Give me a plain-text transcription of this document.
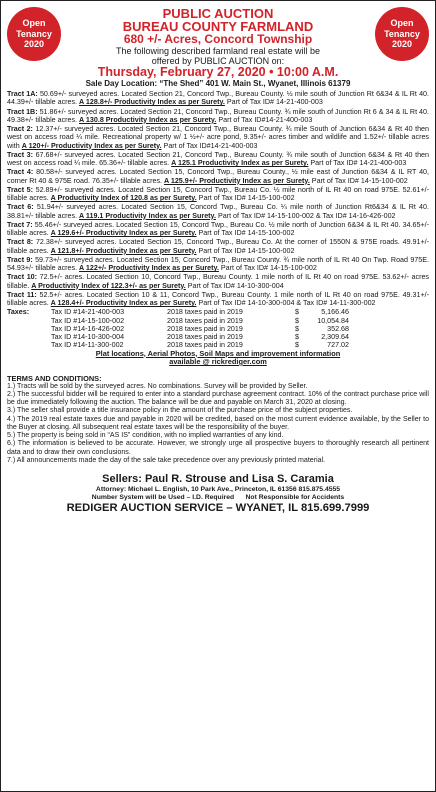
Open
Tenancy
2020
Open
Tenancy
2020
PUBLIC AUCTION
BUREAU COUNTY FARMLAND
680 +/- Acres, Concord Township
The following described farmland real estate will be
offered by PUBLIC AUCTION on:
Thursday, February 27, 2020 • 10:00 A.M.
Sale Day Location: “The Shed” 401 W. Main St., Wyanet, Illinois 61379
Tract 1A: 50.69+/- surveyed acres. Located Section 21, Concord Twp., Bureau County. ½ mile south of Junction Rt 6&34 & IL Rt 40. 44.39+/- tillable acres. A 128.8+/- Productivity Index as per Surety. Part of Tax ID# 14-21-400-003
Tract 1B: 51.86+/- surveyed acres. Located Section 21, Concord Twp., Bureau County. ¾ mile south of Junction Rt 6 & 34 & IL Rt 40. 49.38+/- tillable acres. A 130.8 Productivity Index as per Surety. Part of Tax ID#14-21-400-003
Tract 2: 12.37+/- surveyed acres. Located Section 21, Concord Twp., Bureau County. ¾ mile South of Junction 6&34 & Rt 40 then west on access road ¼ mile. Recreational property w/ 1 ½+/- acre pond, 9.35+/- acres timber and wildlife and 1.52+/- tillable acres with A 120+/- Productivity Index as per Surety. Part of Tax ID#14-21-400-003
Tract 3: 67.68+/- surveyed acres. Located Section 21, Concord Twp., Bureau County. ¾ mile south of Junction 6&34 & Rt 40 then west on access road ¼ mile. 65.36+/- tillable acres. A 125.1 Productivity Index as per Surety. Part of Tax ID# 14-21-400-003
Tract 4: 80.58+/- surveyed acres. Located Section 15, Concord Twp., Bureau County., ½ mile east of Junction 6&34 & IL RT 40, corner Rt 40 & 975E road. 76.35+/- tillable acres. A 125.9+/- Productivity Index as per Surety. Part of Tax ID# 14-15-100-002
Tract 5: 52.89+/- surveyed acres. Located Section 15, Concord Twp., Bureau Co. ½ mile north of IL Rt 40 on road 975E. 52.61+/- tillable acres. A Productivity Index of 120.8 as per Surety. Part of Tax ID# 14-15-100-002
Tract 6: 51.94+/- surveyed acres. Located Section 15, Concord Twp., Bureau Co. ¼ mile north of Junction Rt6&34 & IL Rt 40. 38.81+/- tillable acres. A 119.1 Productivity Index as per Surety. Part of Tax ID# 14-15-100-002 & Tax ID# 14-16-426-002
Tract 7: 55.46+/- surveyed acres. Located Section 15, Concord Twp., Bureau Co. ½ mile north of Junction 6&34 & IL Rt 40. 34.65+/- tillable acres. A 129.6+/- Productivity Index as per Surety. Part of Tax ID# 14-15-100-002
Tract 8: 72.38+/- surveyed acres. Located Section 15, Concord Twp., Bureau Co. At the corner of 1550N & 975E roads. 49.91+/- tillable acres. A 121.8+/- Productivity Index as per Surety. Part of Tax ID# 14-15-100-002
Tract 9: 59.73+/- surveyed acres. Located Section 15, Concord Twp., Bureau County. ¾ mile north of IL Rt 40 On Twp. Road 975E. 54.93+/- tillable acres. A 122+/- Productivity Index as per Surety. Part of Tax ID# 14-15-100-002
Tract 10: 72.5+/- acres. Located Section 10, Concord Twp., Bureau County. 1 mile north of IL Rt 40 on road 975E. 53.62+/- acres tillable. A Productivity Index of 122.3+/- as per Surety. Part of Tax ID# 14-10-300-004
Tract 11: 52.5+/- acres. Located Section 10 & 11, Concord Twp., Bureau County. 1 mile north of IL Rt 40 on road 975E. 49.31+/- tillable acres. A 128.4+/- Productivity Index as per Surety. Part of Tax ID# 14-10-300-004 & Tax ID# 14-11-300-002
Taxes:	Tax ID #14-21-400-003	2018 taxes paid in 2019	$	5,166.46
	Tax ID #14-15-100-002	2018 taxes paid in 2019	$	10,054.84
	Tax ID #14-16-426-002	2018 taxes paid in 2019	$	352.68
	Tax ID #14-10-300-004	2018 taxes paid in 2019	$	2,309.64
	Tax ID #14-11-300-002	2018 taxes paid in 2019	$	727.02
Plat locations, Aerial Photos, Soil Maps and improvement information
available @ rickrediger.com
TERMS AND CONDITIONS:
1.) Tracts will be sold by the surveyed acres. No combinations. Survey will be provided by Seller.
2.) The successful bidder will be required to enter into a standard purchase agreement contract. 10% of the contract purchase price will be due immediately following the auction. The balance will be due and payable on March 31, 2020 at closing.
3.) The seller shall provide a title insurance policy in the amount of the purchase price of the subject properties.
4.) The 2019 real estate taxes due and payable in 2020 will be credited, based on the most current evidence available, by the Seller to the Buyer at closing. All subsequent real estate taxes will be the responsibility of the buyer.
5.) The property is being sold in “AS IS” condition, with no implied warranties of any kind.
6.) The information is believed to be accurate. However, we strongly urge all prospective buyers to thoroughly research all pertinent data and to draw their own conclusions.
7.) All announcements made the day of the sale take precedence over any previously printed material.
Sellers: Paul R. Strouse and Lisa S. Caramia
Attorney: Michael L. English, 10 Park Ave., Princeton, IL 61356 815.875.4555
Number System will be Used – I.D. Required      Not Responsible for Accidents
REDIGER AUCTION SERVICE – WYANET, IL 815.699.7999
